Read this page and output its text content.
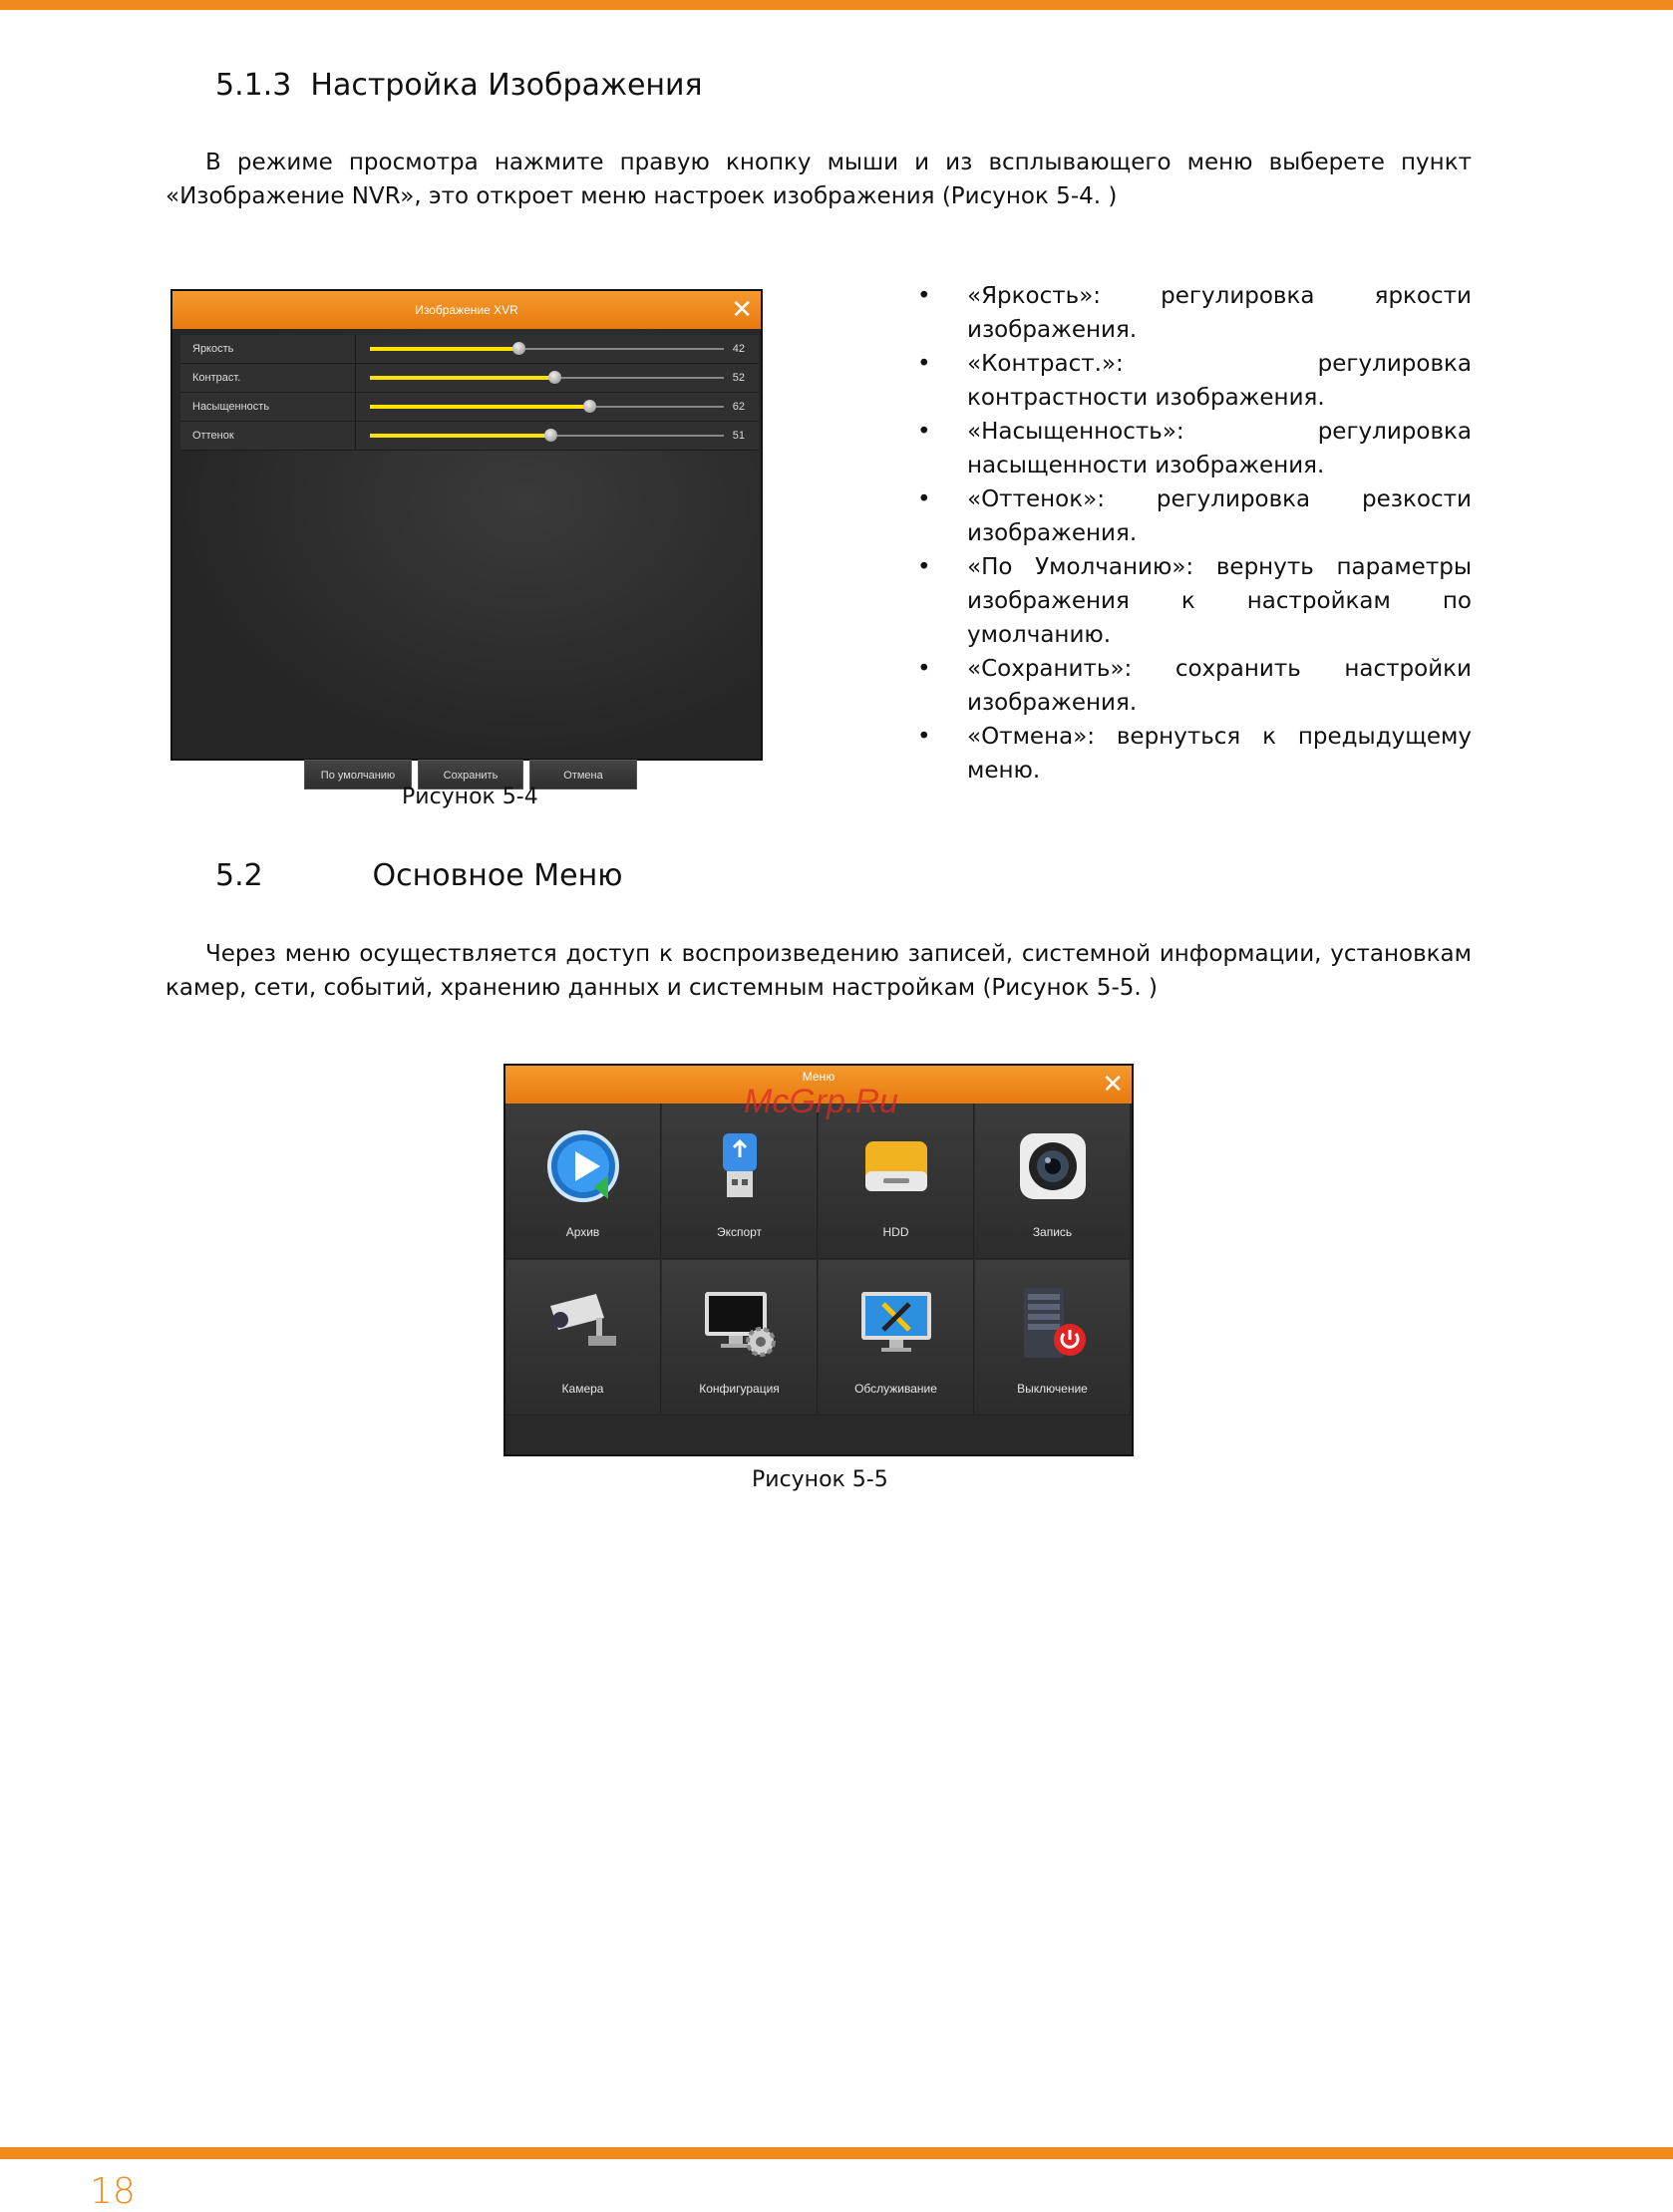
5.1.3 Настройка Изображения

В режиме просмотра нажмите правую кнопку мыши и из всплывающего меню выберете пункт «Изображение NVR», это откроет меню настроек изображения (Рисунок 5-4. )

Изображение XVR	✕
Яркость	42
Контраст.	52
Насыщенность	62
Оттенок	51
По умолчанию	Сохранить	Отмена
Рисунок 5-4
• «Яркость»: регулировка яркости изображения.
• «Контраст.»: регулировка контрастности изображения.
• «Насыщенность»: регулировка насыщенности изображения.
• «Оттенок»: регулировка резкости изображения.
• «По Умолчанию»: вернуть параметры изображения к настройкам по умолчанию.
• «Сохранить»: сохранить настройки изображения.
• «Отмена»: вернуться к предыдущему меню.
5.2	Основное Меню

Через меню осуществляется доступ к воспроизведению записей, системной информации, установкам камер, сети, событий, хранению данных и системным настройкам (Рисунок 5-5. )

Меню	✕
Архив	Экспорт	HDD	Запись
Камера	Конфигурация	Обслуживание	Выключение
McGrp.Ru
Рисунок 5-5
18
